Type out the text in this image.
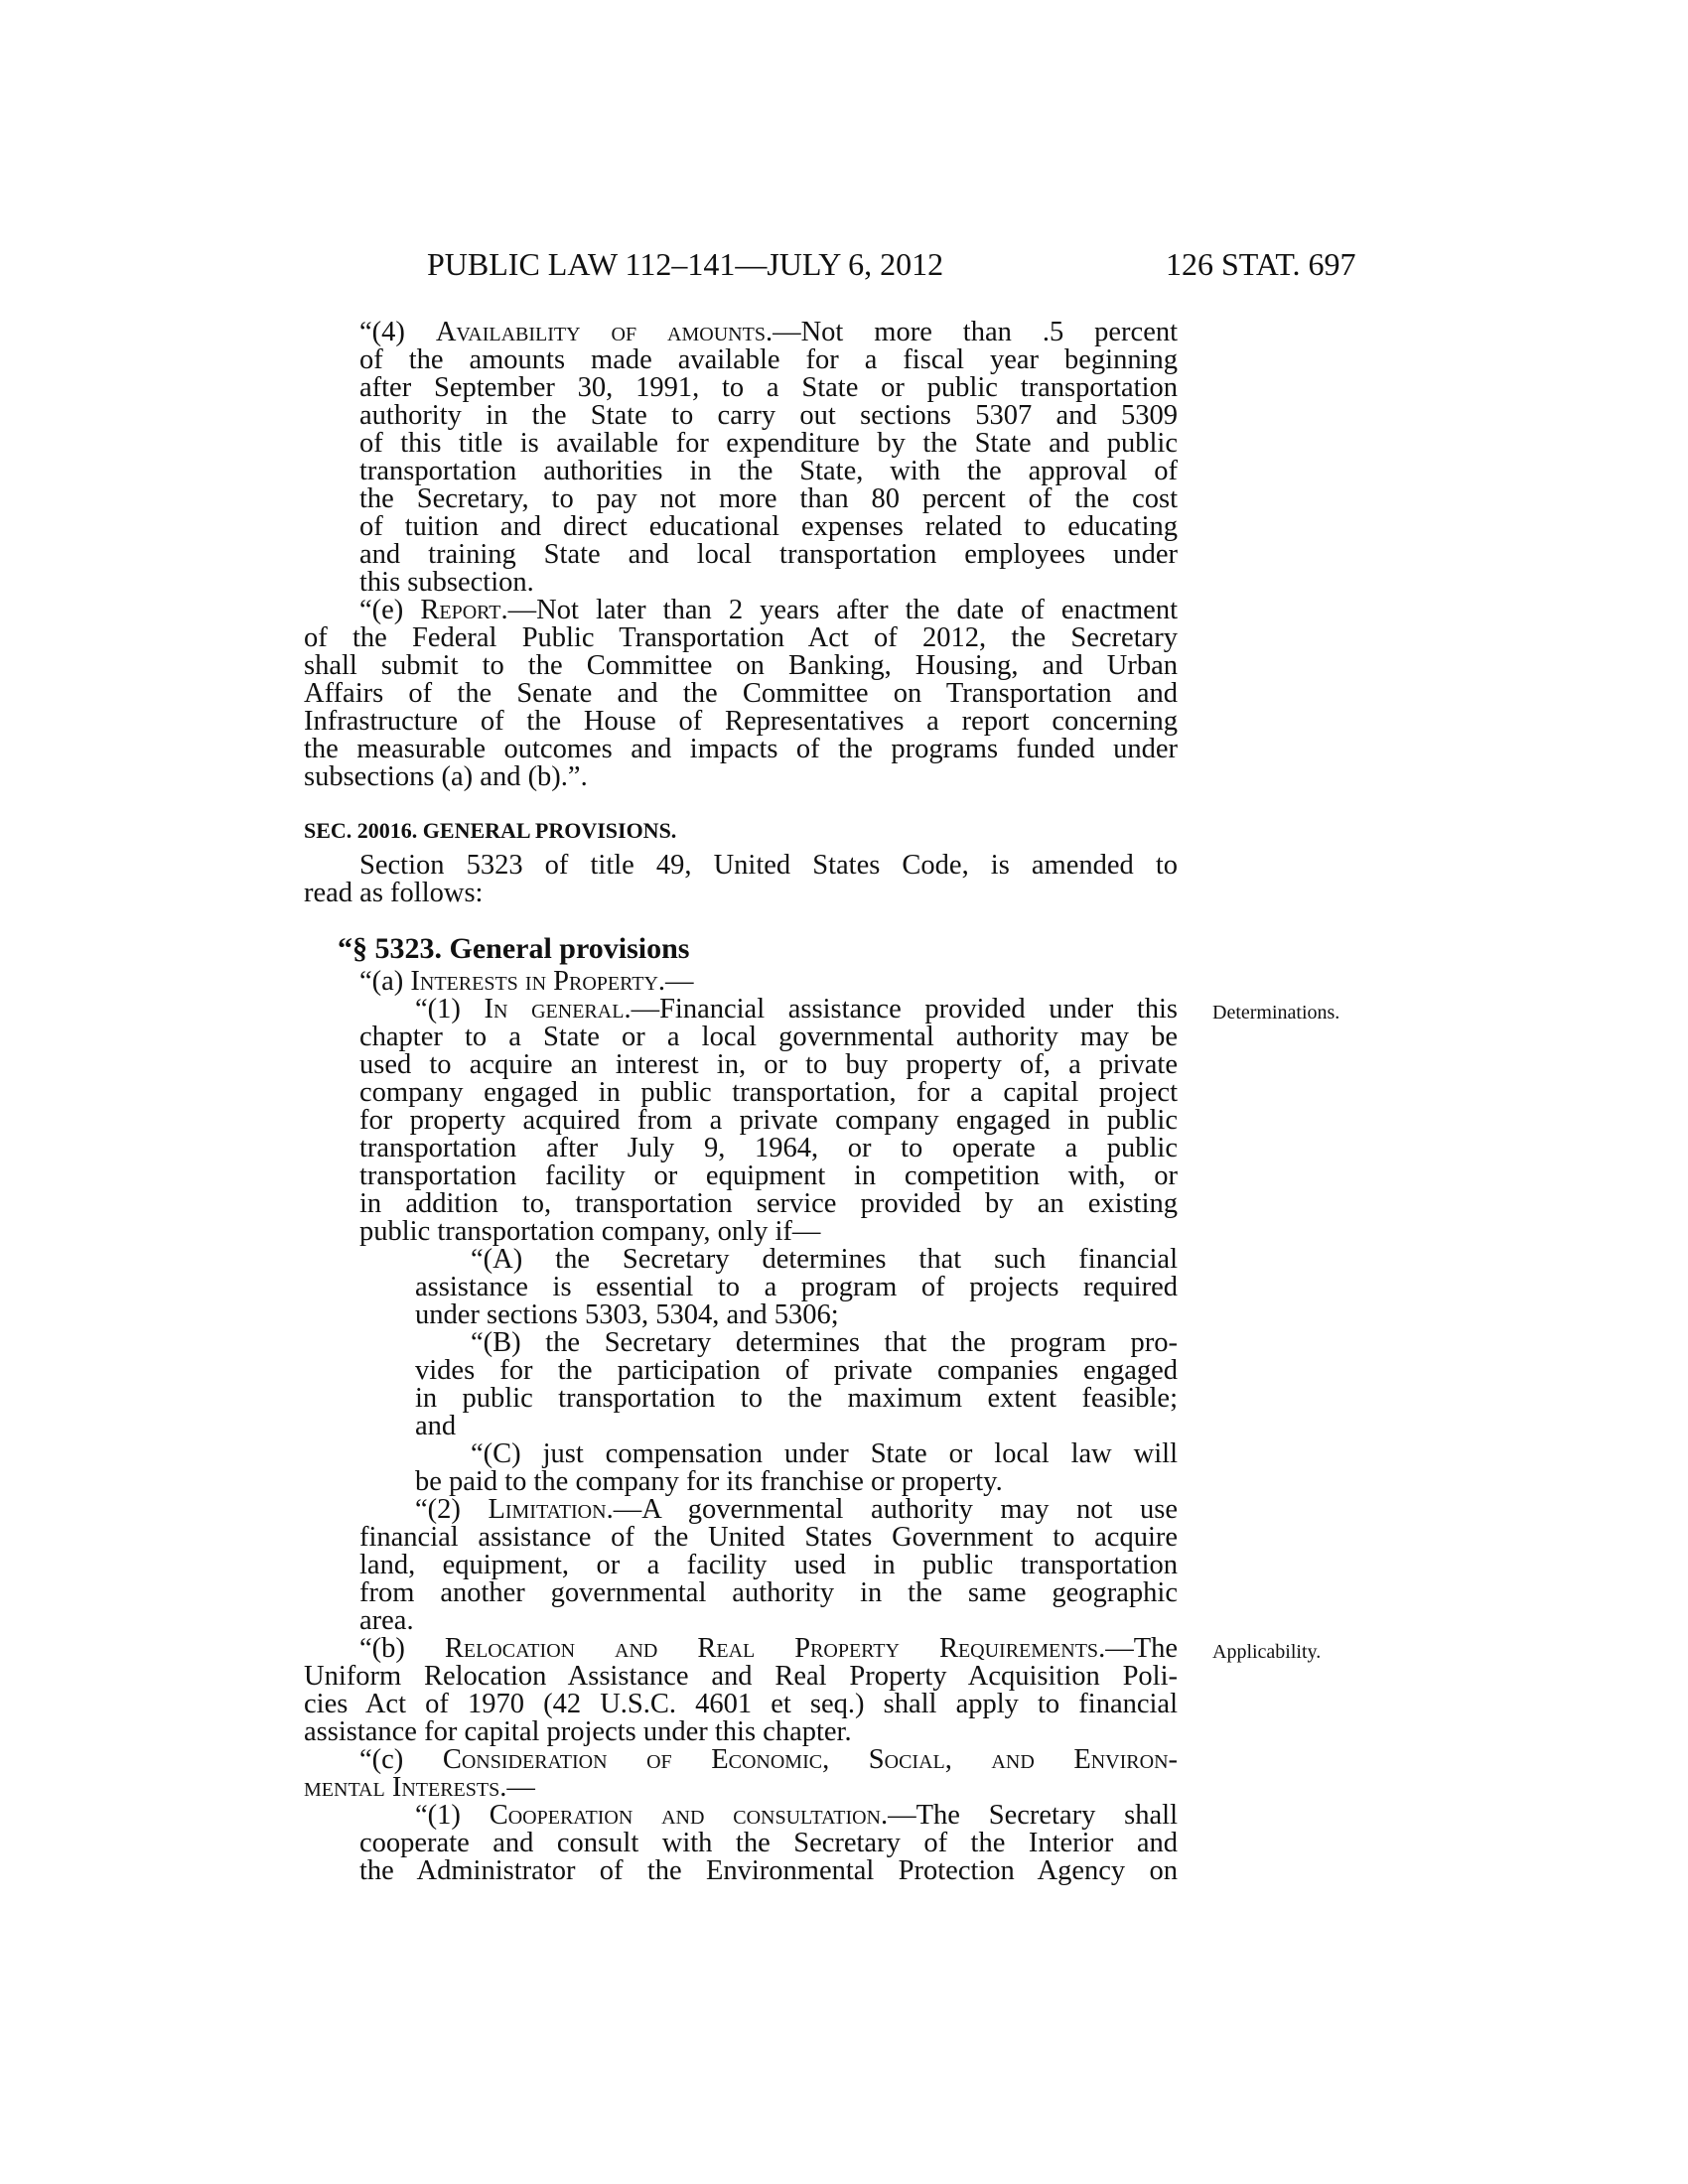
PUBLIC LAW 112–141—JULY 6, 2012	126 STAT. 697
“(4) Availability of amounts.—Not more than .5 percent
of the amounts made available for a fiscal year beginning
after September 30, 1991, to a State or public transportation
authority in the State to carry out sections 5307 and 5309
of this title is available for expenditure by the State and public
transportation authorities in the State, with the approval of
the Secretary, to pay not more than 80 percent of the cost
of tuition and direct educational expenses related to educating
and training State and local transportation employees under
this subsection.
“(e) Report.—Not later than 2 years after the date of enactment
of the Federal Public Transportation Act of 2012, the Secretary
shall submit to the Committee on Banking, Housing, and Urban
Affairs of the Senate and the Committee on Transportation and
Infrastructure of the House of Representatives a report concerning
the measurable outcomes and impacts of the programs funded under
subsections (a) and (b).”.
SEC. 20016. GENERAL PROVISIONS.
Section 5323 of title 49, United States Code, is amended to
read as follows:
“§ 5323. General provisions
“(a) Interests in Property.—
“(1) In general.—Financial assistance provided under this Determinations.
chapter to a State or a local governmental authority may be
used to acquire an interest in, or to buy property of, a private
company engaged in public transportation, for a capital project
for property acquired from a private company engaged in public
transportation after July 9, 1964, or to operate a public
transportation facility or equipment in competition with, or
in addition to, transportation service provided by an existing
public transportation company, only if—
“(A) the Secretary determines that such financial
assistance is essential to a program of projects required
under sections 5303, 5304, and 5306;
“(B) the Secretary determines that the program pro-
vides for the participation of private companies engaged
in public transportation to the maximum extent feasible;
and
“(C) just compensation under State or local law will
be paid to the company for its franchise or property.
“(2) Limitation.—A governmental authority may not use
financial assistance of the United States Government to acquire
land, equipment, or a facility used in public transportation
from another governmental authority in the same geographic
area.
“(b) Relocation and Real Property Requirements.—The Applicability.
Uniform Relocation Assistance and Real Property Acquisition Poli-
cies Act of 1970 (42 U.S.C. 4601 et seq.) shall apply to financial
assistance for capital projects under this chapter.
“(c) Consideration of Economic, Social, and Environ-
mental Interests.—
“(1) Cooperation and consultation.—The Secretary shall
cooperate and consult with the Secretary of the Interior and
the Administrator of the Environmental Protection Agency on
